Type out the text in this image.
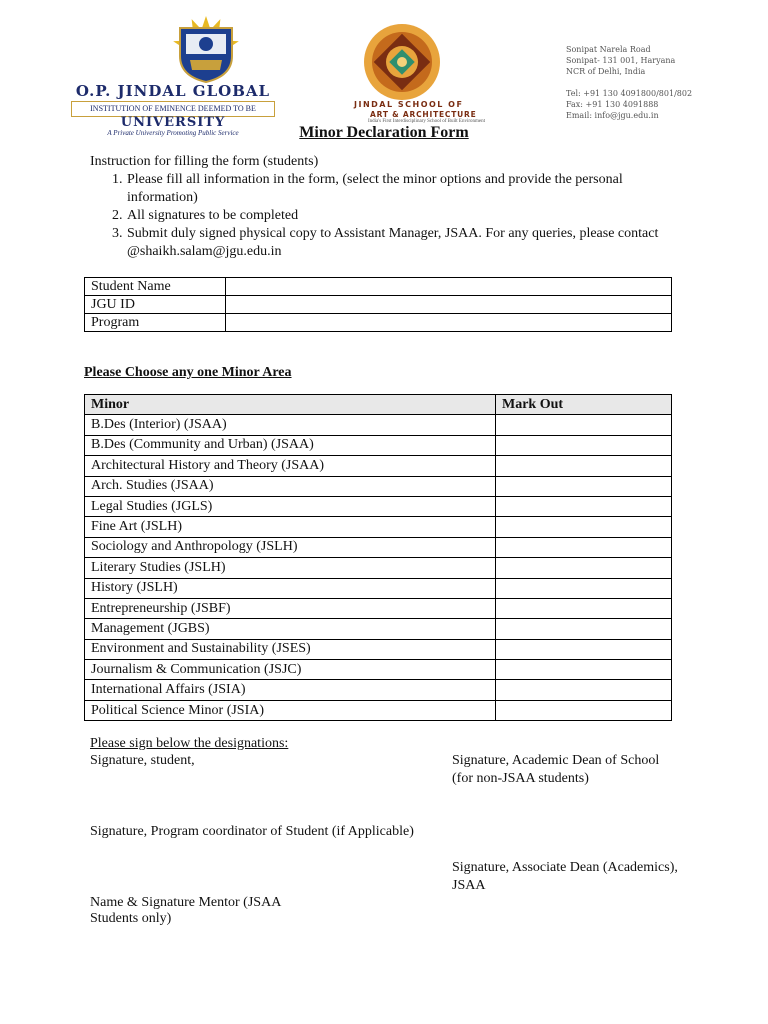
O.P. JINDAL GLOBAL
INSTITUTION OF EMINENCE DEEMED TO BE
UNIVERSITY
A Private University Promoting Public Service
JINDAL SCHOOL OF
ART & ARCHITECTURE
India's First Interdisciplinary School of Built Environment
Sonipat Narela Road
Sonipat- 131 001, Haryana
NCR of Delhi, India
Tel: +91 130 4091800/801/802
Fax: +91 130 4091888
Email: info@jgu.edu.in
Minor Declaration Form
Instruction for filling the form (students)
1. Please fill all information in the form, (select the minor options and provide the personal information)
2. All signatures to be completed
3. Submit duly signed physical copy to Assistant Manager, JSAA. For any queries, please contact @shaikh.salam@jgu.edu.in
Student Name	
JGU ID	
Program	
Please Choose any one Minor Area
Minor	Mark Out
B.Des (Interior) (JSAA)	
B.Des (Community and Urban) (JSAA)	
Architectural History and Theory (JSAA)	
Arch. Studies (JSAA)	
Legal Studies (JGLS)	
Fine Art (JSLH)	
Sociology and Anthropology (JSLH)	
Literary Studies (JSLH)	
History (JSLH)	
Entrepreneurship (JSBF)	
Management (JGBS)	
Environment and Sustainability (JSES)	
Journalism & Communication (JSJC)	
International Affairs (JSIA)	
Political Science Minor (JSIA)	
Please sign below the designations:
Signature, student,	Signature, Academic Dean of School
(for non-JSAA students)
Signature, Program coordinator of Student (if Applicable)
Signature, Associate Dean (Academics),
JSAA
Name & Signature Mentor (JSAA
Students only)
